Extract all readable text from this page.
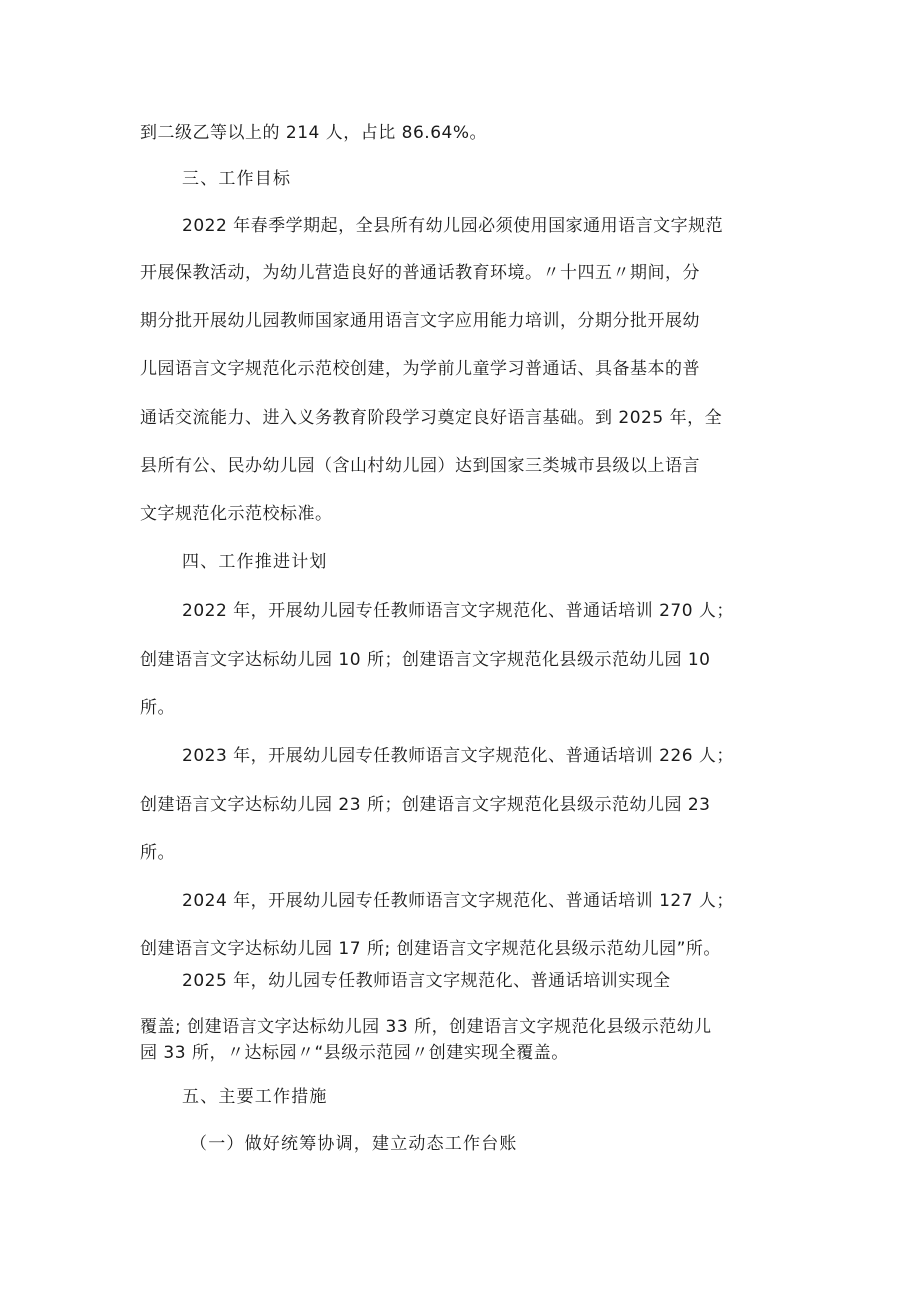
到二级乙等以上的 214 人，占比 86.64%。
三、工作目标
2022 年春季学期起，全县所有幼儿园必须使用国家通用语言文字规范
开展保教活动，为幼儿营造良好的普通话教育环境。〃十四五〃期间，分
期分批开展幼儿园教师国家通用语言文字应用能力培训，分期分批开展幼
儿园语言文字规范化示范校创建，为学前儿童学习普通话、具备基本的普
通话交流能力、进入义务教育阶段学习奠定良好语言基础。到 2025 年，全
县所有公、民办幼儿园（含山村幼儿园）达到国家三类城市县级以上语言
文字规范化示范校标准。
四、工作推进计划
2022 年，开展幼儿园专任教师语言文字规范化、普通话培训 270 人；
创建语言文字达标幼儿园 10 所；创建语言文字规范化县级示范幼儿园 10
所。
2023 年，开展幼儿园专任教师语言文字规范化、普通话培训 226 人；
创建语言文字达标幼儿园 23 所；创建语言文字规范化县级示范幼儿园 23
所。
2024 年，开展幼儿园专任教师语言文字规范化、普通话培训 127 人；
创建语言文字达标幼儿园 17 所; 创建语言文字规范化县级示范幼儿园”所。
2025 年，幼儿园专任教师语言文字规范化、普通话培训实现全
覆盖; 创建语言文字达标幼儿园 33 所，创建语言文字规范化县级示范幼儿
园 33 所，〃达标园〃“县级示范园〃创建实现全覆盖。
五、主要工作措施
（一）做好统筹协调，建立动态工作台账
